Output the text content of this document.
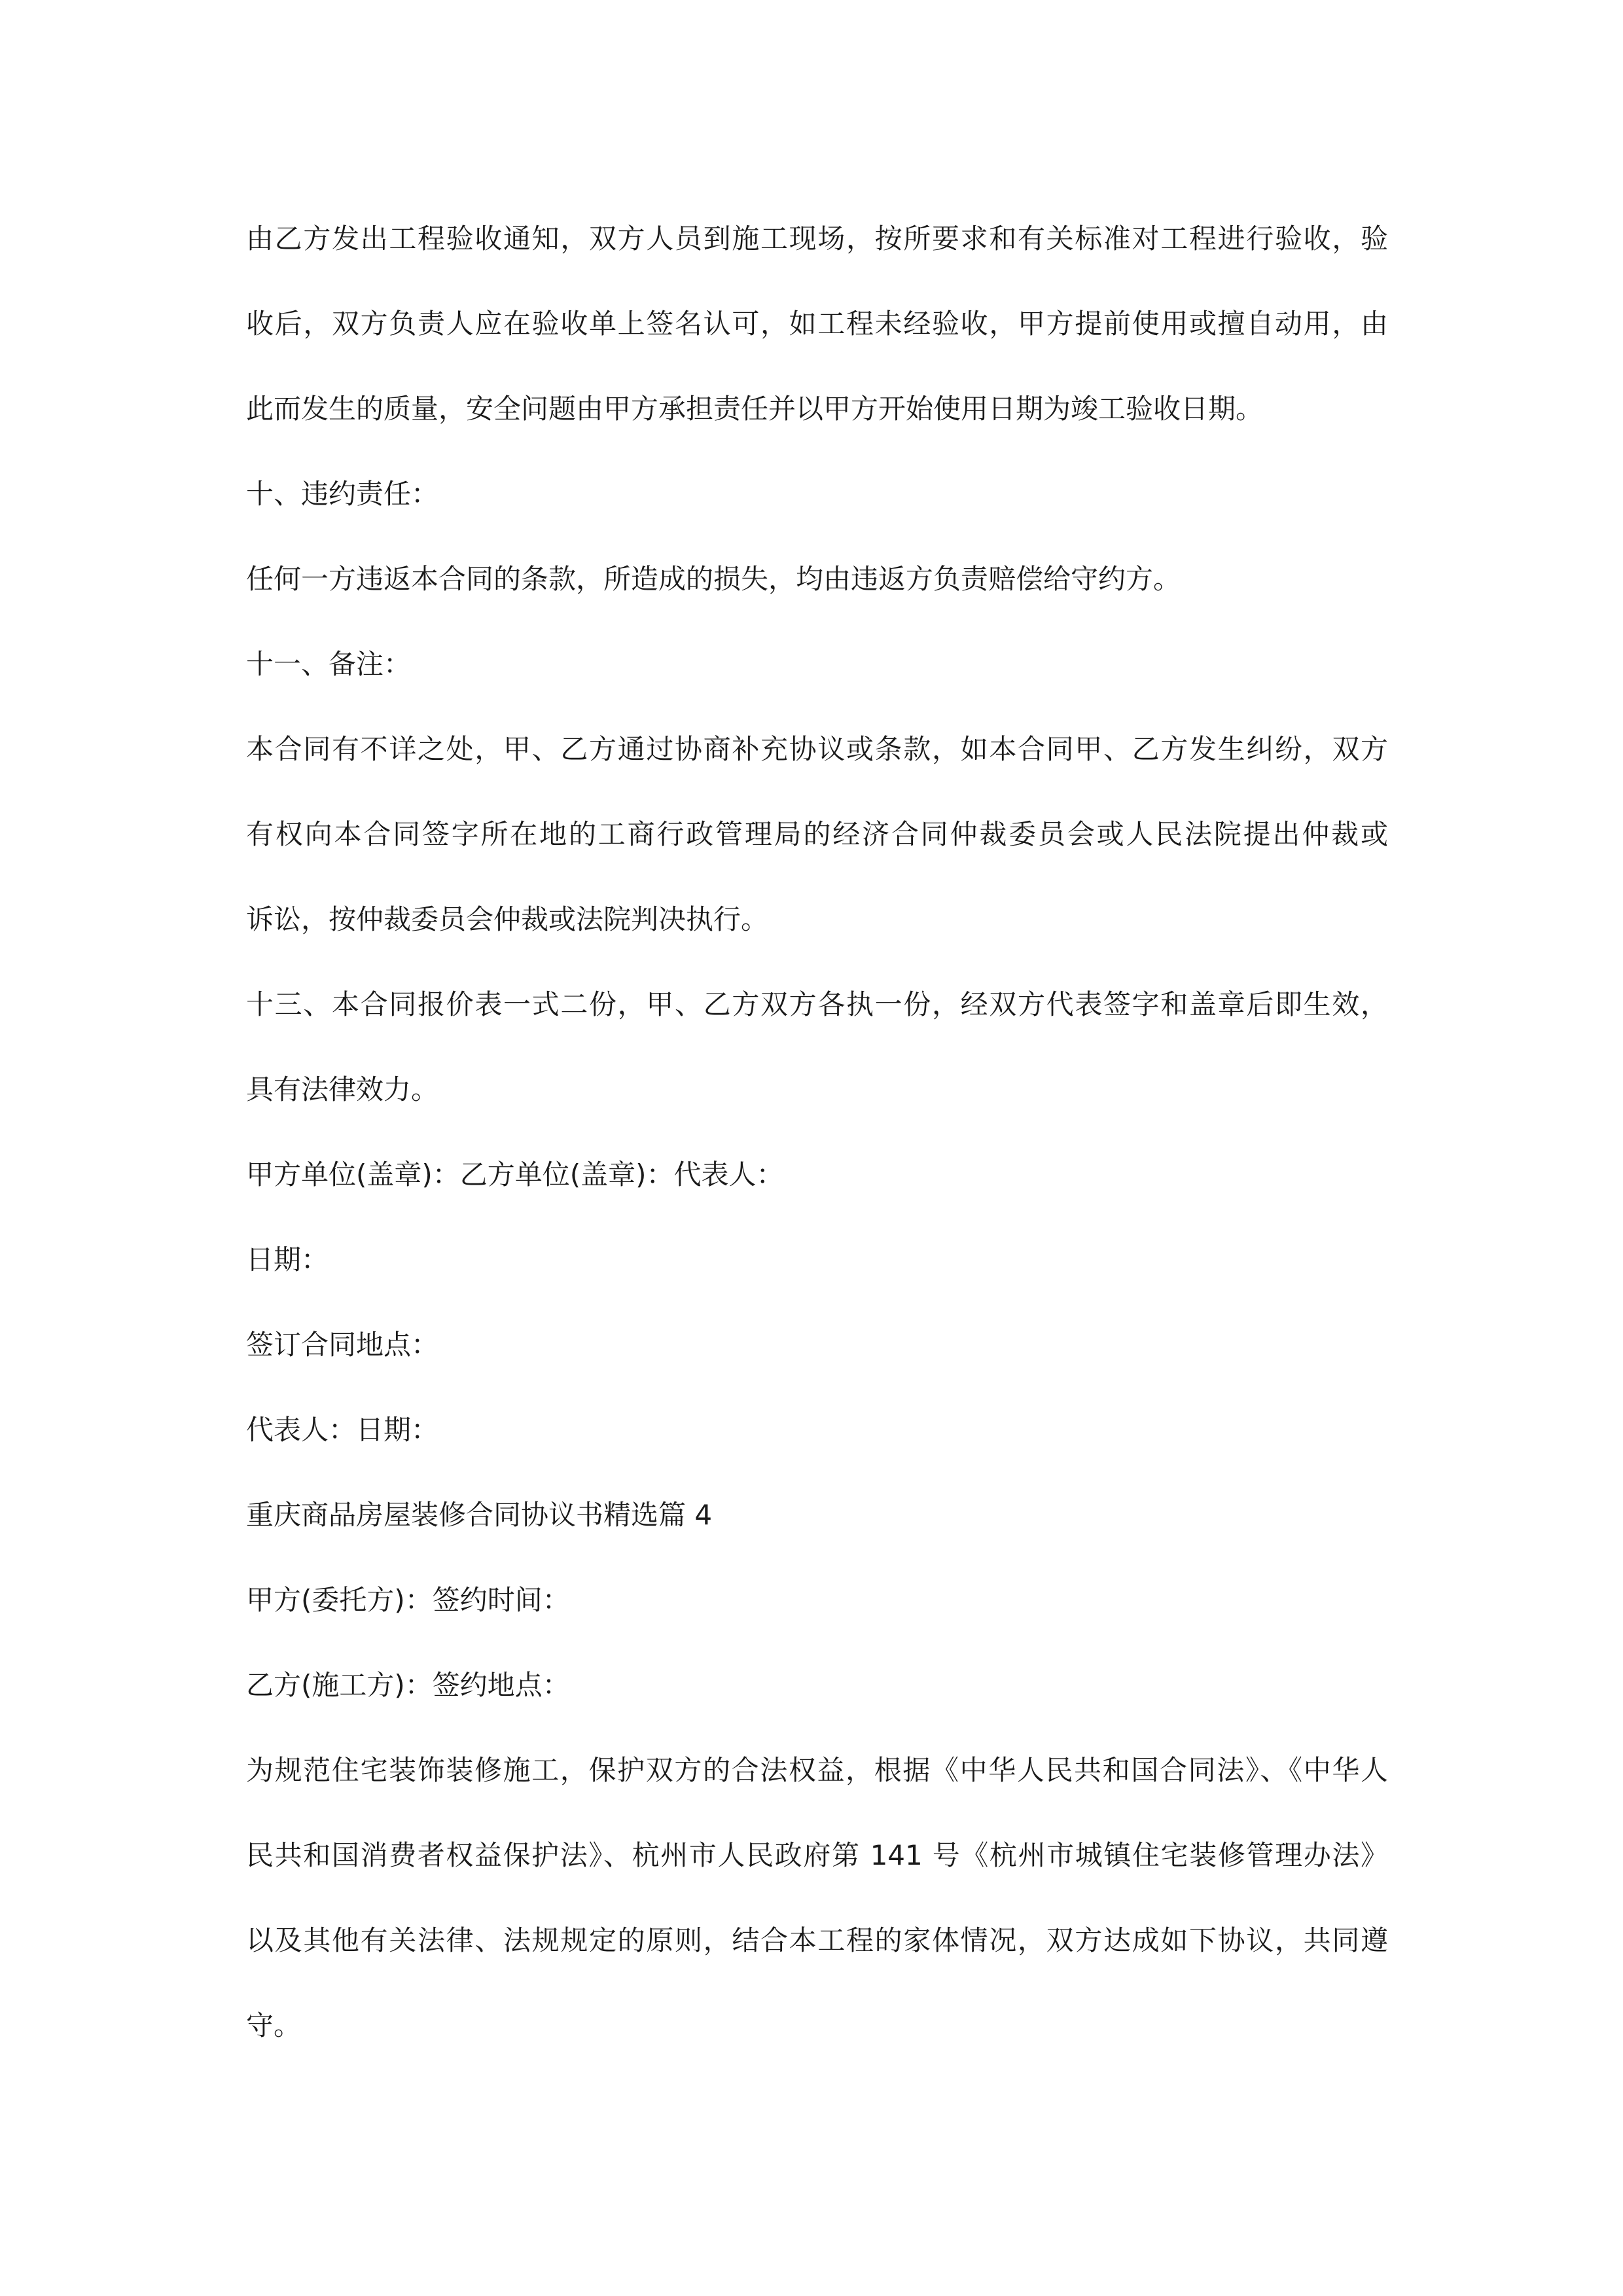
由乙方发出工程验收通知，双方人员到施工现场，按所要求和有关标准对工程进行验收，验
收后，双方负责人应在验收单上签名认可，如工程未经验收，甲方提前使用或擅自动用，由
此而发生的质量，安全问题由甲方承担责任并以甲方开始使用日期为竣工验收日期。
十、违约责任：
任何一方违返本合同的条款，所造成的损失，均由违返方负责赔偿给守约方。
十一、备注：
本合同有不详之处，甲、乙方通过协商补充协议或条款，如本合同甲、乙方发生纠纷，双方
有权向本合同签字所在地的工商行政管理局的经济合同仲裁委员会或人民法院提出仲裁或
诉讼，按仲裁委员会仲裁或法院判决执行。
十三、本合同报价表一式二份，甲、乙方双方各执一份，经双方代表签字和盖章后即生效，
具有法律效力。
甲方单位(盖章)：乙方单位(盖章)：代表人：
日期：
签订合同地点：
代表人：日期：
重庆商品房屋装修合同协议书精选篇 4
甲方(委托方)：签约时间：
乙方(施工方)：签约地点：
为规范住宅装饰装修施工，保护双方的合法权益，根据《中华人民共和国合同法》、《中华人
民共和国消费者权益保护法》、杭州市人民政府第 141 号《杭州市城镇住宅装修管理办法》
以及其他有关法律、法规规定的原则，结合本工程的家体情况，双方达成如下协议，共同遵
守。
